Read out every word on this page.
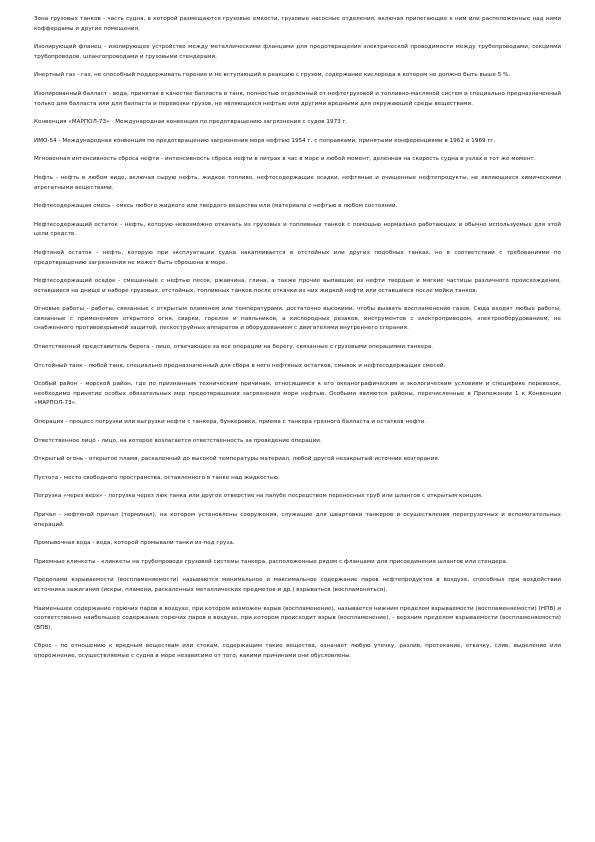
Зона грузовых танков - часть судна, в которой размещаются грузовые емкости, грузовые насосные отделения, включая прилегающие к ним или расположенные над ними коффердамы и другие помещения.

Изолирующий фланец - изолирующее устройство между металлическими фланцами для предотвращения электрической проводимости между трубопроводами, секциями трубопроводов, шлангопроводами и грузовыми стендерами.

Инертный газ - газ, не способный поддерживать горение и не вступающий в реакцию с грузом, содержание кислорода в котором не должно быть выше 5 %.

Изолированный балласт - вода, принятая в качестве балласта в танк, полностью отделенный от нефтегрузовой и топливно-масляной систем и специально предназначенный только для балласта или для балласта и перевозки грузов, не являющихся нефтью или другими вредными для окружающей среды веществами.

Конвенция «МАРПОЛ-73» - Международная конвенция по предотвращению загрязнения с судов 1973 г.

ИМО-54 - Международная конвенция по предотвращению загрязнения моря нефтью 1954 г. с поправками, принятыми конференциями в 1962 и 1969 гг.

Мгновенная интенсивность сброса нефти - интенсивность сброса нефти в литрах в час в море в любой момент, деленная на скорость судна в узлах в тот же момент.

Нефть - нефть в любом виде, включая сырую нефть, жидкое топливо, нефтесодержащие осадки, нефтяные и очищенные нефтепродукты, не являющиеся химическими агрегатными веществами.

Нефтесодержащая смесь - смесь любого жидкого или твердого вещества или (материала с нефтью в любом состоянии.

Нефтесодержащий остаток - нефть, которую невозможно откачать из грузовых и топливных танков с помощью нормально работающих и обычно используемых для этой цели средств.

Нефтяной остаток - нефть, которую при эксплуатации судна накапливается в отстойных или других подобных танках, но в соответствии с требованиями по предотвращению загрязнения не может быть сброшена в море.

Нефтесодержащий осадок - смешанные с нефтью песок, ржавчина, глина, а также прочие выпавшие из нефти твердые и мягкие частицы различного происхождения, оставшиеся на днище и наборе грузовых, отстойных, топливных танков после откачки из них жидкой нефти или оставшиеся после мойки танков.

Огневые работы - работы, связанные с открытым пламенем или температурами, достаточно высокими, чтобы вызвать воспламенение газов. Сюда входят любые работы, связанные с применением открытого огня, сварки, горелок и паяльников, а кислородных резаков, инструментов с электроприводом, электрооборудованием, не снабженного противовзрывной защитой, пескоструйных аппаратов и оборудованием с двигателями внутреннего сгорания.

Ответственный представитель берега - лицо, отвечающее за все операции на берегу, связанные с грузовыми операциями танкера.

Отстойный танк - любой танк, специально предназначенный для сбора в него нефтяных остатков, смывок и нефтесодержащих смесей.

Особый район - морской район, где по признанным техническим причинам, относящимся к его океанографическим и экологическим условиям и специфике перевозок, необходимо принятие особых обязательных мер предотвращения загрязнения моря нефтью. Особыми являются районы, перечисленные в Приложении 1 к Конвенции «МАРПОЛ-73».

Операция - процесс погрузки или выгрузки нефти с танкера, бункеровки, приема с танкера грязного балласта и остатков нефти.

Ответственное лицо - лицо, на которое возлагается ответственность за проведение операции.

Открытый огонь - открытое пламя, раскаленный до высокой температуры материал, любой другой незакрытый источник возгорания.

Пустота - место свободного пространства, оставленного в танке над жидкостью.

Погрузка «через верх» - погрузка через люк танка или другое отверстие на палубе посредством переносных труб или шлангов с открытым концом.

Причал - нефтяной причал (терминал), на котором установлены сооружения, служащие для швартовки танкеров и осуществления перегрузочных и вспомогательных операций.

Промывочная вода - вода, которой промывали танки из-под груза.

Приемные клинкеты - клинкеты на трубопроводе грузовой системы танкера, расположенные рядом с фланцами для присоединения шлангов или стендера.

Пределами взрываемости (воспламеняемости) называются минимальное и максимальное содержание паров нефтепродуктов в воздухе, способных при воздействии источника зажигания (искры, пламени, раскаленных металлических предметов и др.) взрываться (воспламеняться).

Наименьшее содержание горючих паров в воздухе, при котором возможен взрыв (воспламенение), называется нижним пределом взрываемости (воспламеняемости) (НПВ) и соответственно наибольшее содержание горючих паров в воздухе, при котором происходит взрыв (воспламенение), - верхним пределом взрываемости (воспламеняемости) (ВПВ).

Сброс - по отношению к вредным веществам или стокам, содержащим такие вещества, означает любую утечку, разлив, протекание, откачку, слив, выделение или опорожнение, осуществляемые с судна в море независимо от того, какими причинами они обусловлены.
